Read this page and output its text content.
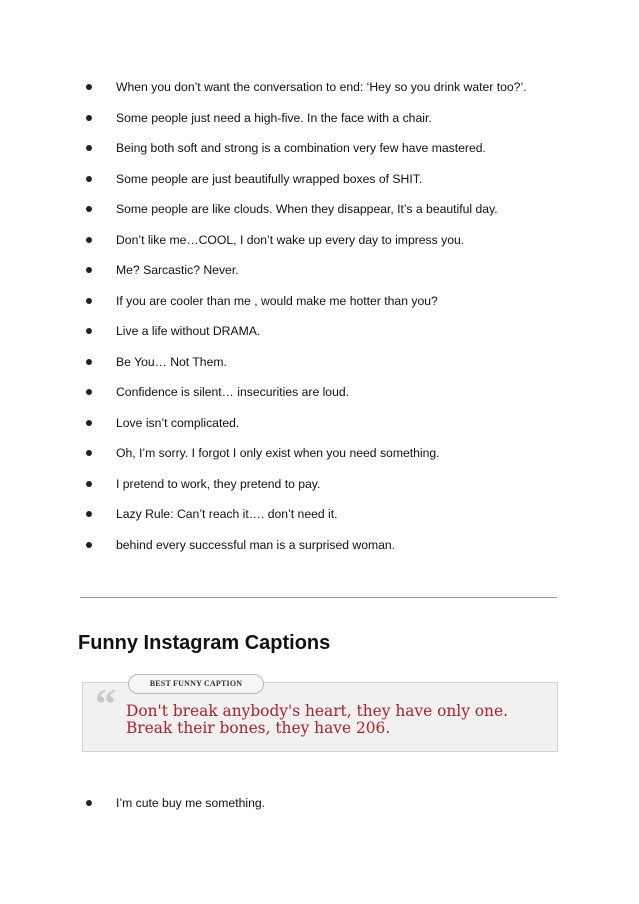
When you don’t want the conversation to end: ‘Hey so you drink water too?’.
Some people just need a high-five. In the face with a chair.
Being both soft and strong is a combination very few have mastered.
Some people are just beautifully wrapped boxes of SHIT.
Some people are like clouds. When they disappear, It’s a beautiful day.
Don’t like me…COOL, I don’t wake up every day to impress you.
Me? Sarcastic? Never.
If you are cooler than me , would make me hotter than you?
Live a life without DRAMA.
Be You… Not Them.
Confidence is silent… insecurities are loud.
Love isn’t complicated.
Oh, I’m sorry. I forgot I only exist when you need something.
I pretend to work, they pretend to pay.
Lazy Rule: Can’t reach it…. don’t need it.
behind every successful man is a surprised woman.
Funny Instagram Captions
BEST FUNNY CAPTION
“ Don't break anybody's heart, they have only one.
Break their bones, they have 206.
I’m cute buy me something.
